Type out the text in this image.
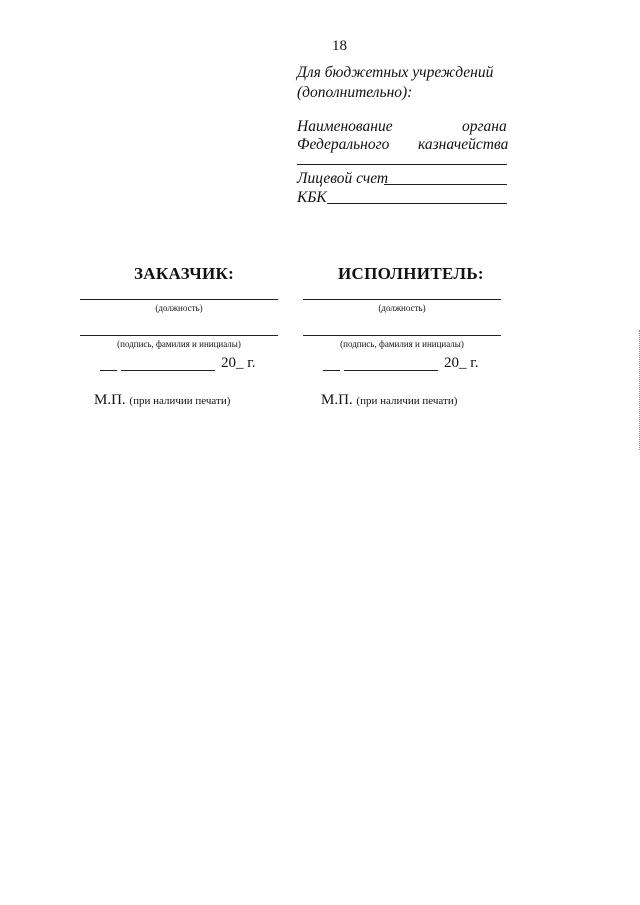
18
Для бюджетных учреждений
(дополнительно):
Наименование	органа
Федерального казначейства
Лицевой счет
КБК
ЗАКАЗЧИК:
(должность)
(подпись, фамилия и инициалы)
20_ г.
М.П. (при наличии печати)
ИСПОЛНИТЕЛЬ:
(должность)
(подпись, фамилия и инициалы)
20_ г.
М.П. (при наличии печати)
